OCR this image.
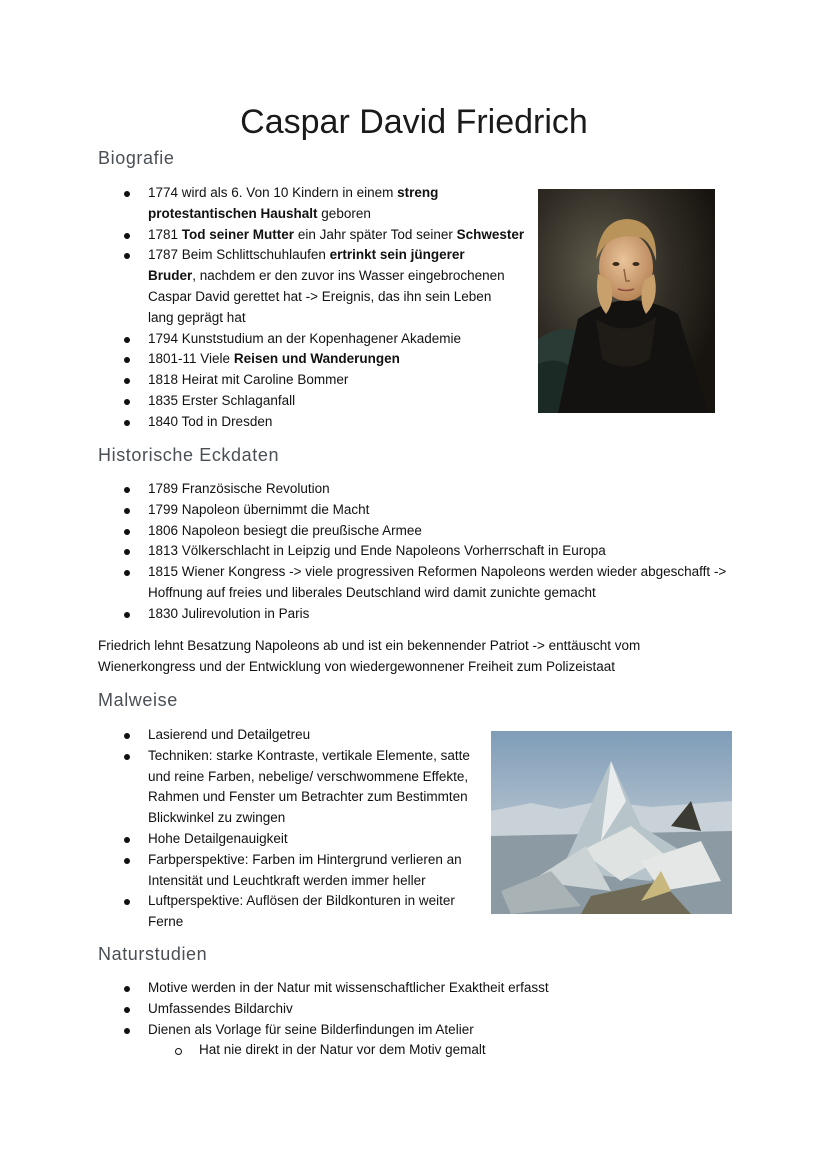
Caspar David Friedrich
Biografie
1774 wird als 6. Von 10 Kindern in einem streng protestantischen Haushalt geboren
1781 Tod seiner Mutter ein Jahr später Tod seiner Schwester
1787 Beim Schlittschuhlaufen ertrinkt sein jüngerer Bruder, nachdem er den zuvor ins Wasser eingebrochenen Caspar David gerettet hat -> Ereignis, das ihn sein Leben lang geprägt hat
1794 Kunststudium an der Kopenhagener Akademie
1801-11 Viele Reisen und Wanderungen
1818 Heirat mit Caroline Bommer
1835 Erster Schlaganfall
1840 Tod in Dresden
Historische Eckdaten
1789 Französische Revolution
1799 Napoleon übernimmt die Macht
1806 Napoleon besiegt die preußische Armee
1813 Völkerschlacht in Leipzig und Ende Napoleons Vorherrschaft in Europa
1815 Wiener Kongress -> viele progressiven Reformen Napoleons werden wieder abgeschafft -> Hoffnung auf freies und liberales Deutschland wird damit zunichte gemacht
1830 Julirevolution in Paris

Friedrich lehnt Besatzung Napoleons ab und ist ein bekennender Patriot -> enttäuscht vom Wienerkongress und der Entwicklung von wiedergewonnener Freiheit zum Polizeistaat

Malweise
Lasierend und Detailgetreu
Techniken: starke Kontraste, vertikale Elemente, satte und reine Farben, nebelige/ verschwommene Effekte, Rahmen und Fenster um Betrachter zum Bestimmten Blickwinkel zu zwingen
Hohe Detailgenauigkeit
Farbperspektive: Farben im Hintergrund verlieren an Intensität und Leuchtkraft werden immer heller
Luftperspektive: Auflösen der Bildkonturen in weiter Ferne
Naturstudien
Motive werden in der Natur mit wissenschaftlicher Exaktheit erfasst
Umfassendes Bildarchiv
Dienen als Vorlage für seine Bilderfindungen im Atelier
Hat nie direkt in der Natur vor dem Motiv gemalt
